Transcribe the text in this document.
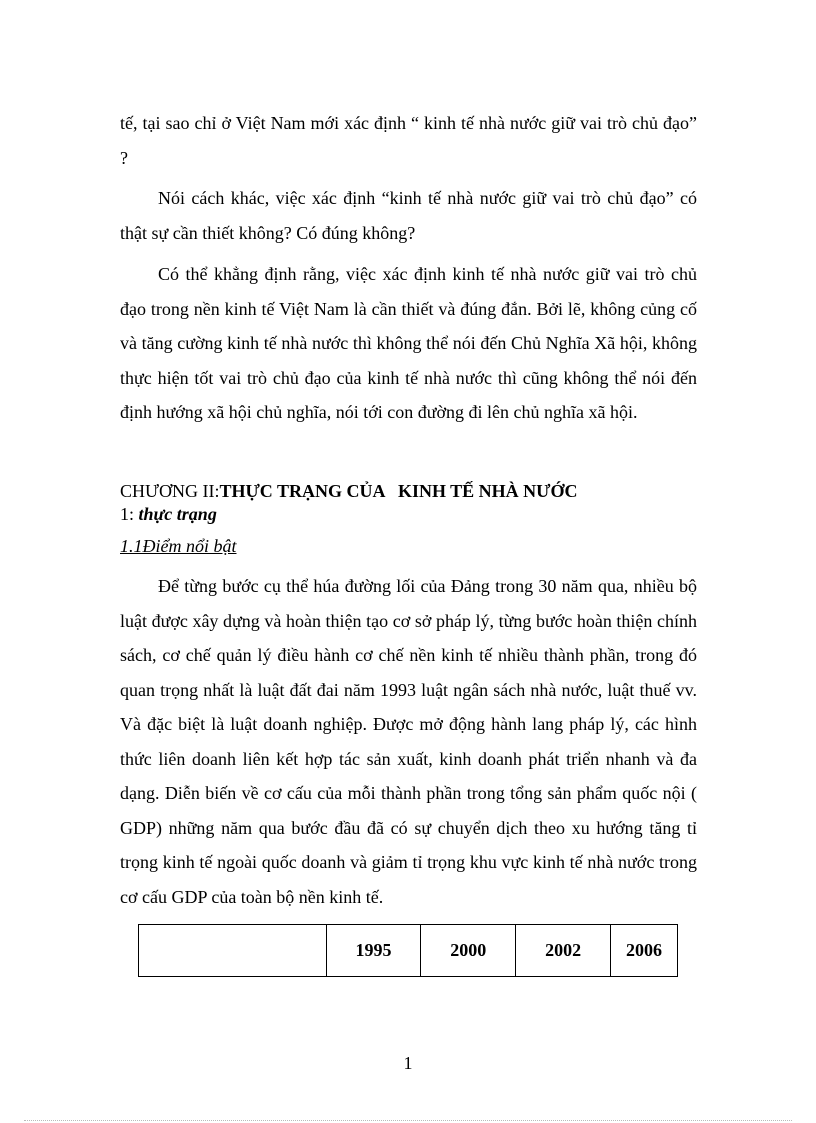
tế, tại sao chỉ ở Việt Nam mới xác định “ kinh tế nhà nước giữ vai trò chủ đạo” ?

Nói cách khác, việc xác định “kinh tế nhà nước giữ vai trò chủ đạo” có thật sự cần thiết không? Có đúng không?

Có thể khẳng định rằng, việc xác định kinh tế nhà nước giữ vai trò chủ đạo trong nền kinh tế Việt Nam là cần thiết và đúng đắn. Bởi lẽ, không củng cố và tăng cường kinh tế nhà nước thì không thể nói đến Chủ Nghĩa Xã hội, không thực hiện tốt vai trò chủ đạo của kinh tế nhà nước thì cũng không thể nói đến định hướng xã hội chủ nghĩa, nói tới con đường đi lên chủ nghĩa xã hội.

CHƯƠNG II:THỰC TRẠNG CỦA   KINH TẾ NHÀ NƯỚC
1: thực trạng
1.1Điểm nổi bật

Để từng bước cụ thể húa đường lối của Đảng trong 30 năm qua, nhiều bộ luật được xây dựng và hoàn thiện tạo cơ sở pháp lý, từng bước hoàn thiện chính sách, cơ chế quản lý điều hành cơ chế nền kinh tế nhiều thành phần, trong đó quan trọng nhất là luật đất đai năm 1993 luật ngân sách nhà nước, luật thuế vv. Và đặc biệt là luật doanh nghiệp. Được mở động hành lang pháp lý, các hình thức liên doanh liên kết hợp tác sản xuất, kinh doanh phát triển nhanh và đa dạng. Diễn biến về cơ cấu của mỗi thành phần trong tổng sản phẩm quốc nội ( GDP) những năm qua bước đầu đã có sự chuyển dịch theo xu hướng tăng tỉ trọng kinh tế ngoài quốc doanh và giảm tỉ trọng khu vực kinh tế nhà nước trong cơ cấu GDP của toàn bộ nền kinh tế.

	1995	2000	2002	2006
1
